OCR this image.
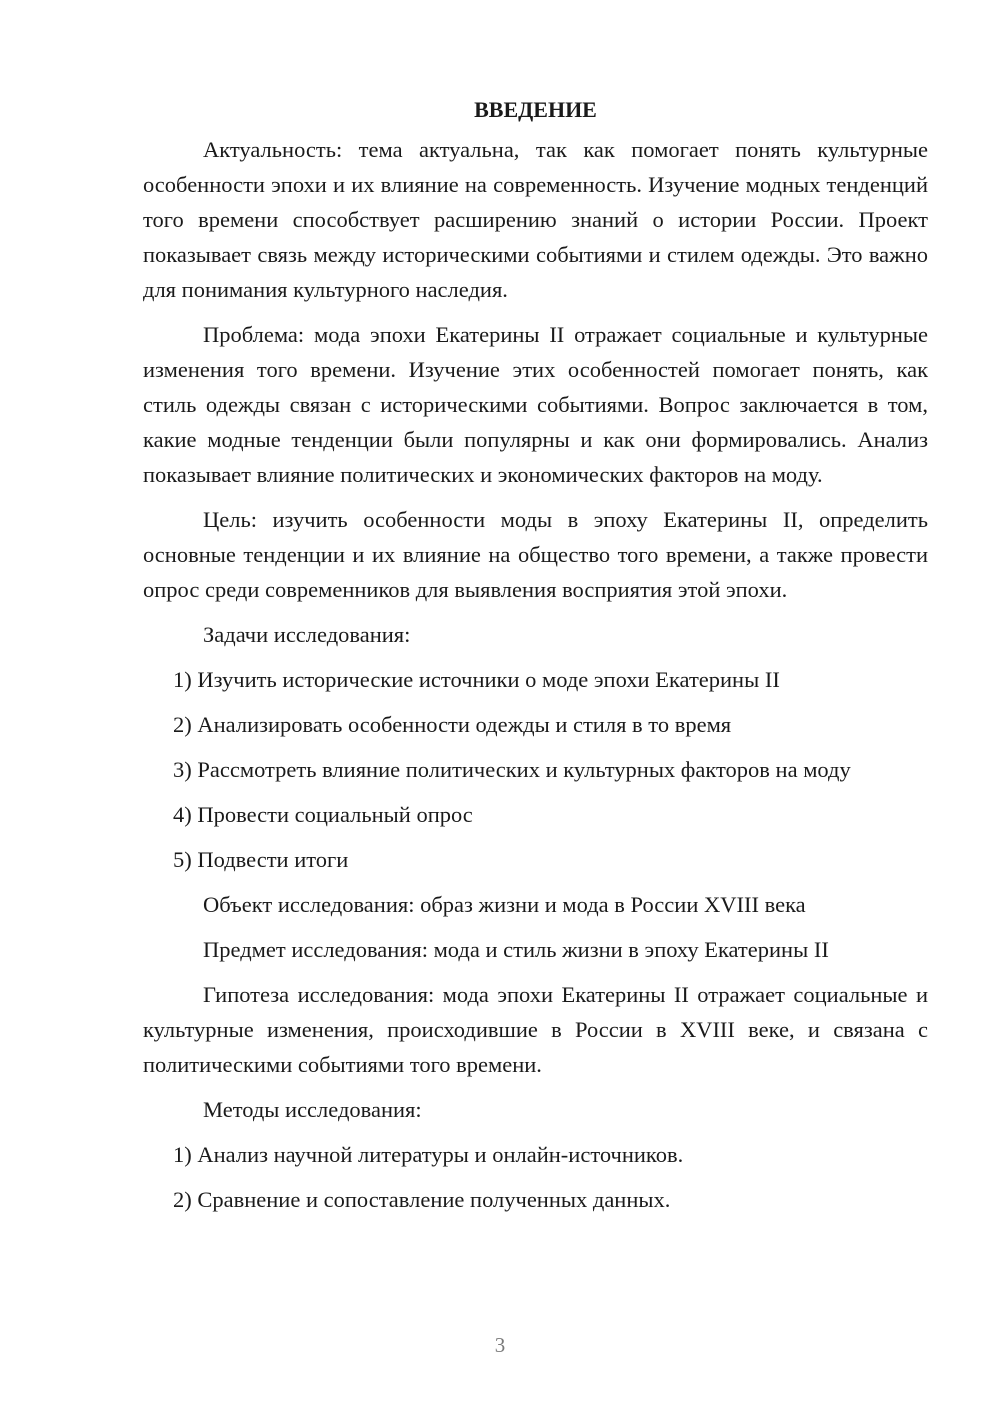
ВВЕДЕНИЕ

Актуальность: тема актуальна, так как помогает понять культурные особенности эпохи и их влияние на современность. Изучение модных тенденций того времени способствует расширению знаний о истории России. Проект показывает связь между историческими событиями и стилем одежды. Это важно для понимания культурного наследия.

Проблема: мода эпохи Екатерины II отражает социальные и культурные изменения того времени. Изучение этих особенностей помогает понять, как стиль одежды связан с историческими событиями. Вопрос заключается в том, какие модные тенденции были популярны и как они формировались. Анализ показывает влияние политических и экономических факторов на моду.

Цель: изучить особенности моды в эпоху Екатерины II, определить основные тенденции и их влияние на общество того времени, а также провести опрос среди современников для выявления восприятия этой эпохи.

Задачи исследования:

1) Изучить исторические источники о моде эпохи Екатерины II

2) Анализировать особенности одежды и стиля в то время

3) Рассмотреть влияние политических и культурных факторов на моду

4) Провести социальный опрос

5) Подвести итоги

Объект исследования: образ жизни и мода в России XVIII века

Предмет исследования: мода и стиль жизни в эпоху Екатерины II

Гипотеза исследования: мода эпохи Екатерины II отражает социальные и культурные изменения, происходившие в России в XVIII веке, и связана с политическими событиями того времени.

Методы исследования:

1) Анализ научной литературы и онлайн-источников.

2) Сравнение и сопоставление полученных данных.

3
